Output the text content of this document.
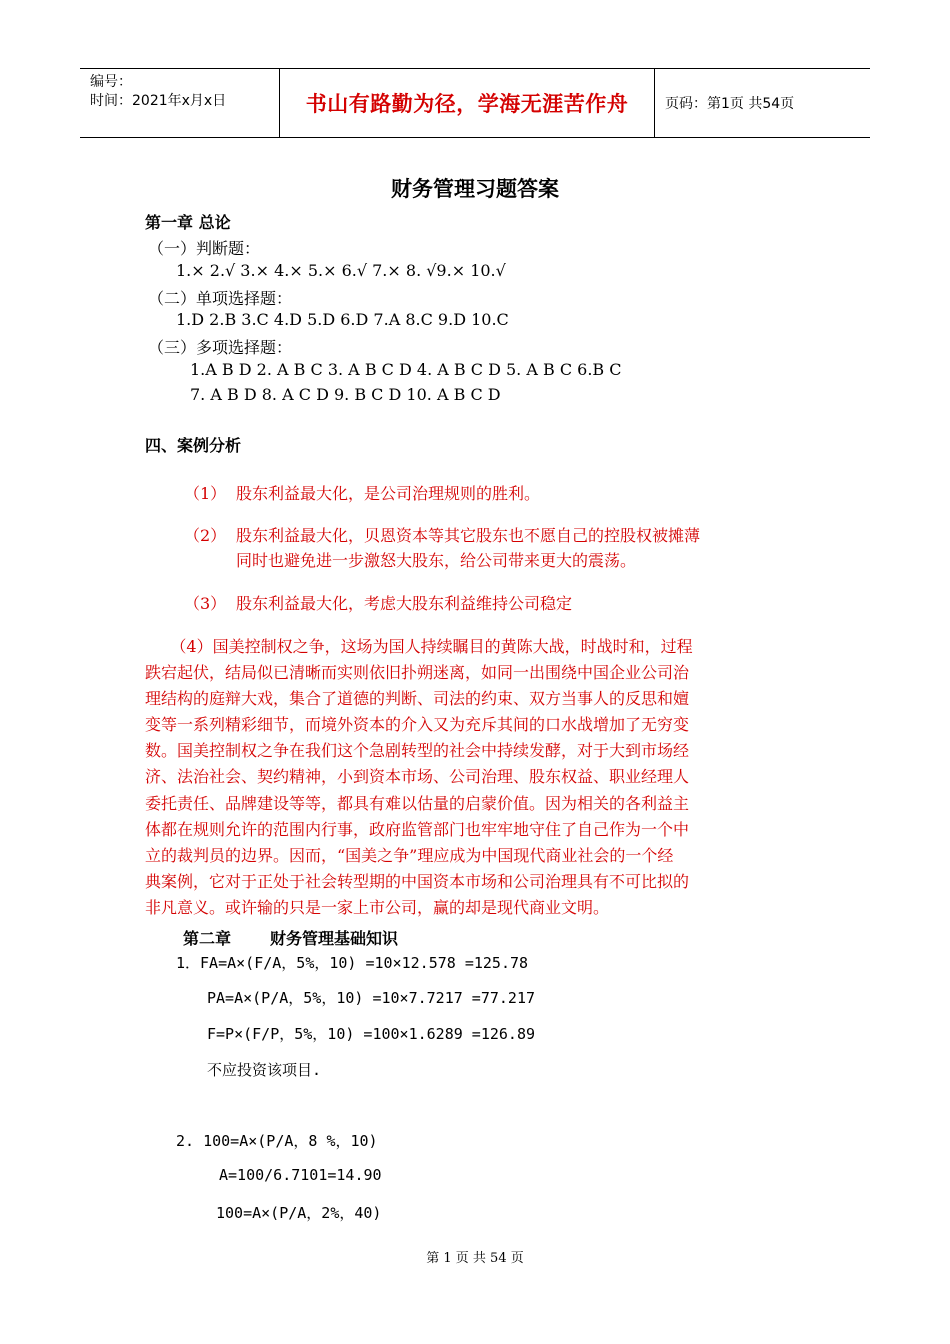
编号：
时间：2021年x月x日	书山有路勤为径，学海无涯苦作舟	页码：第1页 共54页
财务管理习题答案
第一章 总论
（一）判断题：
1.× 2.√ 3.× 4.× 5.× 6.√ 7.× 8. √9.× 10.√
（二）单项选择题：
1.D 2.B 3.C 4.D 5.D 6.D 7.A 8.C 9.D 10.C
（三）多项选择题：
1.A B D 2. A B C 3. A B C D 4. A B C D 5. A B C 6.B C
7. A B D 8. A C D 9. B C D 10. A B C D
四、案例分析
（1） 股东利益最大化，是公司治理规则的胜利。
（2） 股东利益最大化，贝恩资本等其它股东也不愿自己的控股权被摊薄
同时也避免进一步激怒大股东，给公司带来更大的震荡。
（3） 股东利益最大化，考虑大股东利益维持公司稳定
（4）国美控制权之争，这场为国人持续瞩目的黄陈大战，时战时和，过程
跌宕起伏，结局似已清晰而实则依旧扑朔迷离，如同一出围绕中国企业公司治
理结构的庭辩大戏，集合了道德的判断、司法的约束、双方当事人的反思和嬗
变等一系列精彩细节，而境外资本的介入又为充斥其间的口水战增加了无穷变
数。国美控制权之争在我们这个急剧转型的社会中持续发酵，对于大到市场经
济、法治社会、契约精神，小到资本市场、公司治理、股东权益、职业经理人
委托责任、品牌建设等等，都具有难以估量的启蒙价值。因为相关的各利益主
体都在规则允许的范围内行事，政府监管部门也牢牢地守住了自己作为一个中
立的裁判员的边界。因而，“国美之争”理应成为中国现代商业社会的一个经
典案例，它对于正处于社会转型期的中国资本市场和公司治理具有不可比拟的
非凡意义。或许输的只是一家上市公司，赢的却是现代商业文明。
第二章       财务管理基础知识
1．FA=A×(F/A，5%，10) =10×12.578 =125.78
PA=A×(P/A，5%，10) =10×7.7217 =77.217
F=P×(F/P，5%，10) =100×1.6289 =126.89
不应投资该项目.
2. 100=A×(P/A，8 %，10)
A=100/6.7101=14.90
100=A×(P/A，2%，40)
第 1 页 共 54 页
